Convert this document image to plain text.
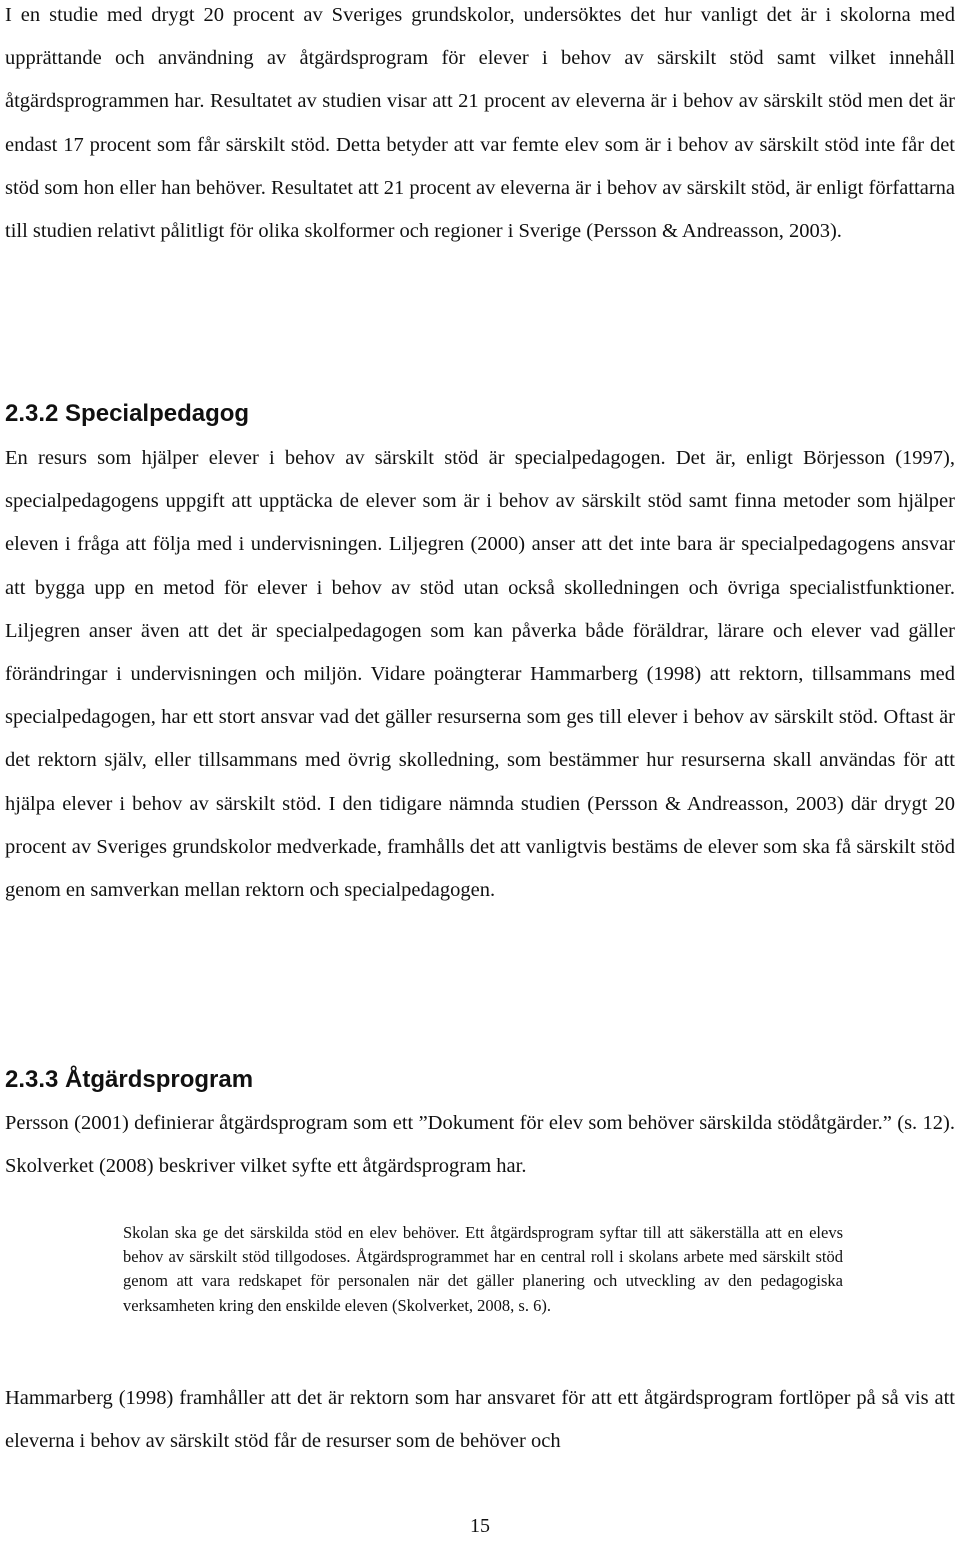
I en studie med drygt 20 procent av Sveriges grundskolor, undersöktes det hur vanligt det är i skolorna med upprättande och användning av åtgärdsprogram för elever i behov av särskilt stöd samt vilket innehåll åtgärdsprogrammen har. Resultatet av studien visar att 21 procent av eleverna är i behov av särskilt stöd men det är endast 17 procent som får särskilt stöd. Detta betyder att var femte elev som är i behov av särskilt stöd inte får det stöd som hon eller han behöver. Resultatet att 21 procent av eleverna är i behov av särskilt stöd, är enligt författarna till studien relativt pålitligt för olika skolformer och regioner i Sverige (Persson & Andreasson, 2003).

2.3.2 Specialpedagog

En resurs som hjälper elever i behov av särskilt stöd är specialpedagogen. Det är, enligt Börjesson (1997), specialpedagogens uppgift att upptäcka de elever som är i behov av särskilt stöd samt finna metoder som hjälper eleven i fråga att följa med i undervisningen. Liljegren (2000) anser att det inte bara är specialpedagogens ansvar att bygga upp en metod för elever i behov av stöd utan också skolledningen och övriga specialistfunktioner. Liljegren anser även att det är specialpedagogen som kan påverka både föräldrar, lärare och elever vad gäller förändringar i undervisningen och miljön. Vidare poängterar Hammarberg (1998) att rektorn, tillsammans med specialpedagogen, har ett stort ansvar vad det gäller resurserna som ges till elever i behov av särskilt stöd. Oftast är det rektorn själv, eller tillsammans med övrig skolledning, som bestämmer hur resurserna skall användas för att hjälpa elever i behov av särskilt stöd. I den tidigare nämnda studien (Persson & Andreasson, 2003) där drygt 20 procent av Sveriges grundskolor medverkade, framhålls det att vanligtvis bestäms de elever som ska få särskilt stöd genom en samverkan mellan rektorn och specialpedagogen.

2.3.3 Åtgärdsprogram

Persson (2001) definierar åtgärdsprogram som ett ”Dokument för elev som behöver särskilda stödåtgärder.” (s. 12). Skolverket (2008) beskriver vilket syfte ett åtgärdsprogram har.

Skolan ska ge det särskilda stöd en elev behöver. Ett åtgärdsprogram syftar till att säkerställa att en elevs behov av särskilt stöd tillgodoses. Åtgärdsprogrammet har en central roll i skolans arbete med särskilt stöd genom att vara redskapet för personalen när det gäller planering och utveckling av den pedagogiska verksamheten kring den enskilde eleven (Skolverket, 2008, s. 6).

Hammarberg (1998) framhåller att det är rektorn som har ansvaret för att ett åtgärdsprogram fortlöper på så vis att eleverna i behov av särskilt stöd får de resurser som de behöver och

15
